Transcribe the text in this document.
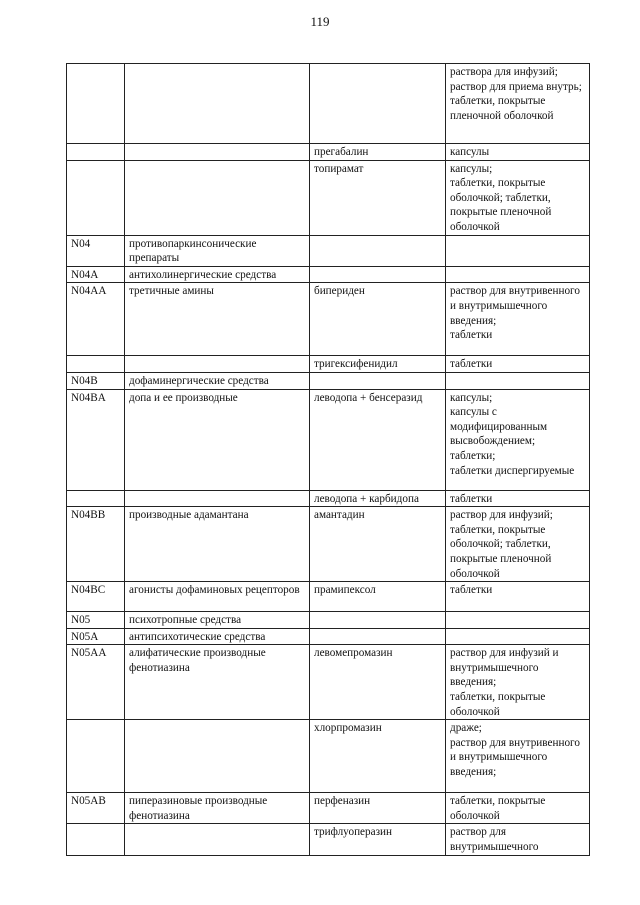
119

			раствора для инфузий;
раствор для приема внутрь;
таблетки, покрытые пленочной оболочкой

		прегабалин	капсулы

		топирамат	капсулы;
таблетки, покрытые оболочкой; таблетки, покрытые пленочной оболочкой

N04	противопаркинсонические препараты		

N04A	антихолинергические средства		

N04AA	третичные амины	бипериден	раствор для внутривенного и внутримышечного введения;
таблетки

		тригексифенидил	таблетки

N04B	дофаминергические средства		

N04BA	допа и ее производные	леводопа + бенсеразид	капсулы;
капсулы с модифицированным высвобождением;
таблетки;
таблетки диспергируемые

		леводопа + карбидопа	таблетки

N04BB	производные адамантана	амантадин	раствор для инфузий;
таблетки, покрытые оболочкой; таблетки, покрытые пленочной оболочкой

N04BC	агонисты дофаминовых рецепторов	прамипексол	таблетки

N05	психотропные средства		

N05A	антипсихотические средства		

N05AA	алифатические производные фенотиазина	левомепромазин	раствор для инфузий и внутримышечного введения;
таблетки, покрытые оболочкой

		хлорпромазин	драже;
раствор для внутривенного и внутримышечного введения;

N05AB	пиперазиновые производные фенотиазина	перфеназин	таблетки, покрытые оболочкой

		трифлуоперазин	раствор для внутримышечного
